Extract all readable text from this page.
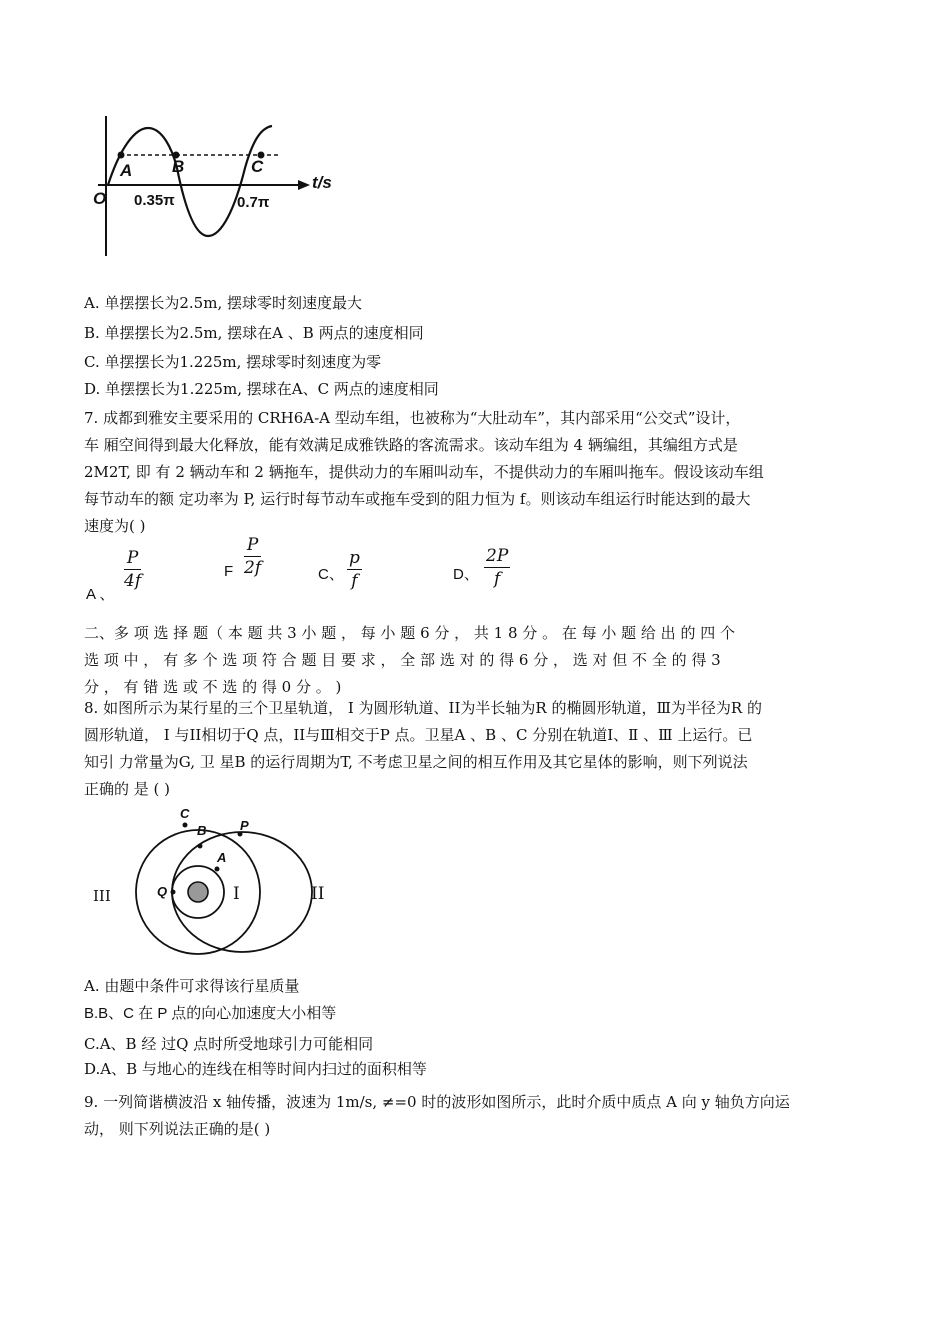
A B	C
O 0.35π	0.7π
t/s
A. 单摆摆长为2.5m, 摆球零时刻速度最大
B. 单摆摆长为2.5m, 摆球在A 、B 两点的速度相同
C. 单摆摆长为1.225m, 摆球零时刻速度为零
D. 单摆摆长为1.225m, 摆球在A、C 两点的速度相同
7. 成都到雅安主要采用的 CRH6A-A 型动车组，也被称为“大肚动车”，其内部采用“公交式”设计，
车 厢空间得到最大化释放，能有效满足成雅铁路的客流需求。该动车组为 4 辆编组，其编组方式是
2M2T, 即 有 2 辆动车和 2 辆拖车，提供动力的车厢叫动车，不提供动力的车厢叫拖车。假设该动车组
每节动车的额 定功率为 P, 运行时每节动车或拖车受到的阻力恒为 f。则该动车组运行时能达到的最大
速度为( )
A 、
$\frac{P}{4f}$	F $\frac{P}{2f}$	C、 $\frac{p}{f}$	D、 $\frac{2P}{f}$
二、多 项 选 择 题（ 本 题 共 3 小 题 ， 每 小 题 6 分 ， 共 1 8 分 。 在 每 小 题 给 出 的 四 个
选 项 中 ， 有 多 个 选 项 符 合 题 目 要 求 ， 全 部 选 对 的 得 6 分 ， 选 对 但 不 全 的 得 3
分 ， 有 错 选 或 不 选 的 得 0 分 。 )
8. 如图所示为某行星的三个卫星轨道， I 为圆形轨道、II为半长轴为R 的椭圆形轨道，Ⅲ为半径为R 的
圆形轨道， I 与II相切于Q 点，II与Ⅲ相交于P 点。卫星A 、B 、C 分别在轨道Ⅰ、Ⅱ 、Ⅲ 上运行。已
知引 力常量为G, 卫 星B 的运行周期为T, 不考虑卫星之间的相互作用及其它星体的影响，则下列说法
正确的 是 ( )
III
C
B	P
A
Q	I	II
A. 由题中条件可求得该行星质量
B.B、C 在 P 点的向心加速度大小相等
C.A、B 经 过Q 点时所受地球引力可能相同
D.A、B 与地心的连线在相等时间内扫过的面积相等
9. 一列简谐横波沿 x 轴传播，波速为 1m/s, ≠=0 时的波形如图所示，此时介质中质点 A 向 y 轴负方向运
动， 则下列说法正确的是( )
